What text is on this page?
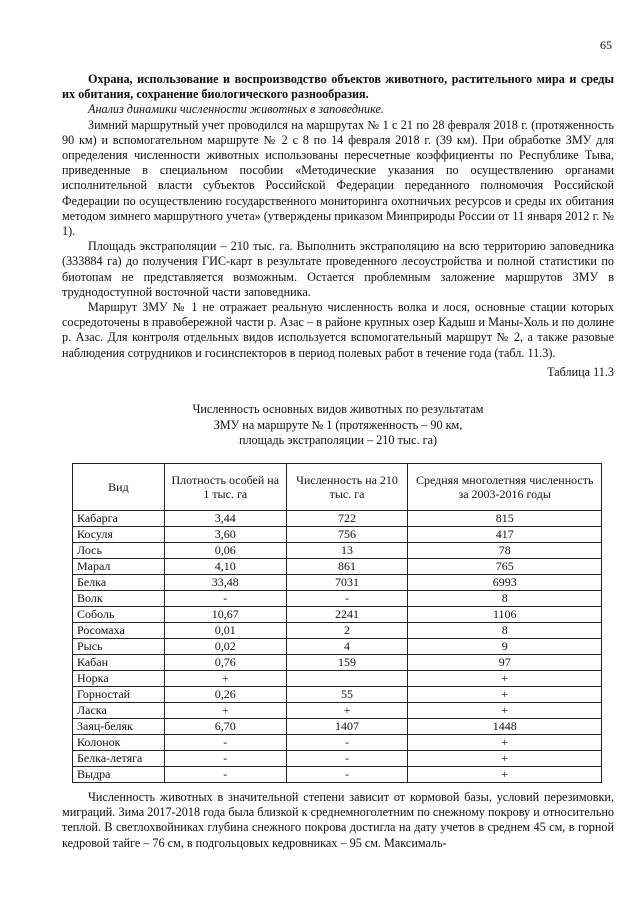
65

Охрана, использование и воспроизводство объектов животного, растительного мира и среды их обитания, сохранение биологического разнообразия.

Анализ динамики численности животных в заповеднике.

Зимний маршрутный учет проводился на маршрутах № 1 с 21 по 28 февраля 2018 г. (протяженность 90 км) и вспомогательном маршруте № 2 с 8 по 14 февраля 2018 г. (39 км). При обработке ЗМУ для определения численности животных использованы пересчетные коэффициенты по Республике Тыва, приведенные в специальном пособии «Методические указания по осуществлению органами исполнительной власти субъектов Российской Федерации переданного полномочия Российской Федерации по осуществлению государственного мониторинга охотничьих ресурсов и среды их обитания методом зимнего маршрутного учета» (утверждены приказом Минприроды России от 11 января 2012 г. № 1).

Площадь экстраполяции – 210 тыс. га. Выполнить экстраполяцию на всю территорию заповедника (333884 га) до получения ГИС-карт в результате проведенного лесоустройства и полной статистики по биотопам не представляется возможным. Остается проблемным заложение маршрутов ЗМУ в труднодоступной восточной части заповедника.

Маршрут ЗМУ № 1 не отражает реальную численность волка и лося, основные стации которых сосредоточены в правобережной части р. Азас – в районе крупных озер Кадыш и Маны-Холь и по долине р. Азас. Для контроля отдельных видов используется вспомогательный маршрут № 2, а также разовые наблюдения сотрудников и госинспекторов в период полевых работ в течение года (табл. 11.3).

Таблица 11.3
Численность основных видов животных по результатам
ЗМУ на маршруте № 1 (протяженность – 90 км,
площадь экстраполяции – 210 тыс. га)
Вид	Плотность особей на 1 тыс. га	Численность на 210 тыс. га	Средняя многолетняя численность за 2003-2016 годы
Кабарга	3,44	722	815
Косуля	3,60	756	417
Лось	0,06	13	78
Марал	4,10	861	765
Белка	33,48	7031	6993
Волк	-	-	8
Соболь	10,67	2241	1106
Росомаха	0,01	2	8
Рысь	0,02	4	9
Кабан	0,76	159	97
Норка	+		+
Горностай	0,26	55	+
Ласка	+	+	+
Заяц-беляк	6,70	1407	1448
Колонок	-	-	+
Белка-летяга	-	-	+
Выдра	-	-	+

Численность животных в значительной степени зависит от кормовой базы, условий перезимовки, миграций. Зима 2017-2018 года была близкой к среднемноголетним по снежному покрову и относительно теплой. В светлохвойниках глубина снежного покрова достигла на дату учетов в среднем 45 см, в горной кедровой тайге – 76 см, в подгольцовых кедровниках – 95 см. Максималь-
